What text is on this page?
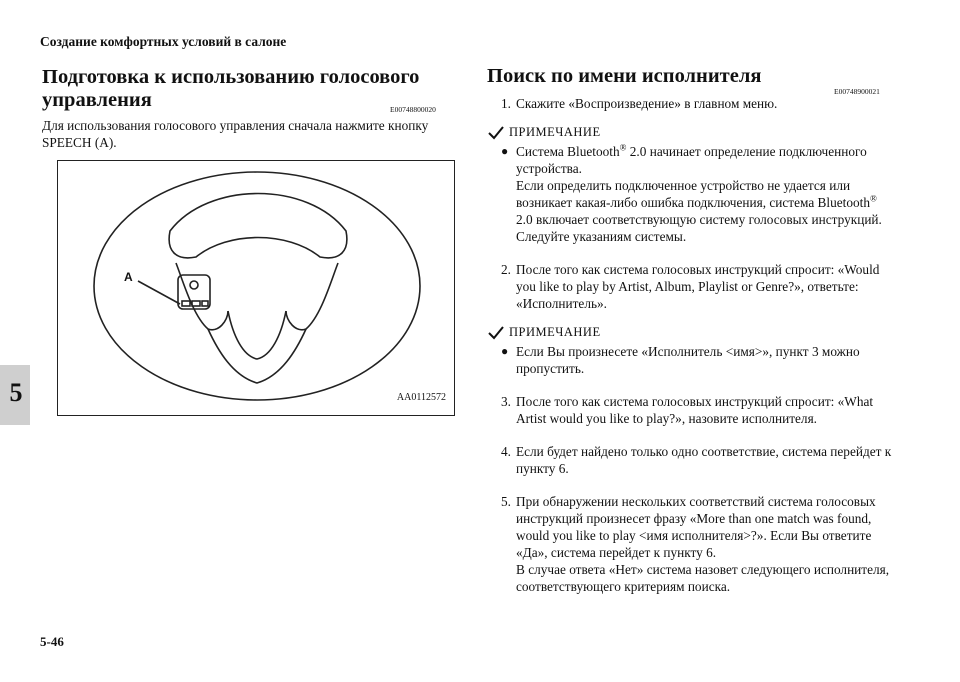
Создание комфортных условий в салоне
5
Подготовка к использованию голосового управления	E00748800020
Для использования голосового управления сначала нажмите кнопку SPEECH (A).
A
AA0112572
Поиск по имени исполнителя
E00748900021
1. Скажите «Воспроизведение» в главном меню.
ПРИМЕЧАНИЕ
● Система Bluetooth® 2.0 начинает определение подключенного устройства.
Если определить подключенное устройство не удается или возникает какая-либо ошибка подключения, система Bluetooth®
2.0 включает соответствующую систему голосовых инструкций. Следуйте указаниям системы.
2. После того как система голосовых инструкций спросит: «Would you like to play by Artist, Album, Playlist or Genre?», ответьте: «Исполнитель».
ПРИМЕЧАНИЕ
● Если Вы произнесете «Исполнитель <имя>», пункт 3 можно пропустить.
3. После того как система голосовых инструкций спросит: «What Artist would you like to play?», назовите исполнителя.
4. Если будет найдено только одно соответствие, система перейдет к пункту 6.
5. При обнаружении нескольких соответствий система голосовых инструкций произнесет фразу «More than one match was found, would you like to play <имя исполнителя>?». Если Вы ответите «Да», система перейдет к пункту 6.
В случае ответа «Нет» система назовет следующего исполнителя, соответствующего критериям поиска.
5-46
